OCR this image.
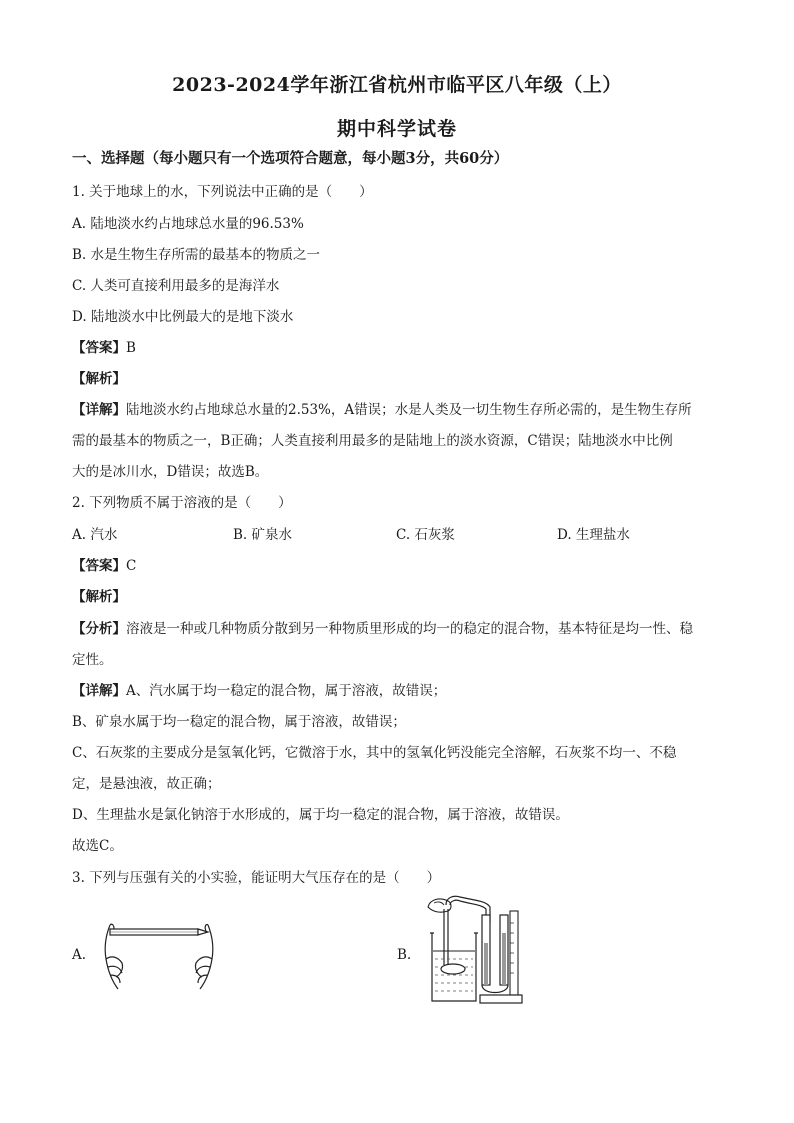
2023-2024学年浙江省杭州市临平区八年级（上）
期中科学试卷
一、选择题（每小题只有一个选项符合题意，每小题3分，共60分）
1. 关于地球上的水，下列说法中正确的是（　　）
A. 陆地淡水约占地球总水量的96.53%
B. 水是生物生存所需的最基本的物质之一
C. 人类可直接利用最多的是海洋水
D. 陆地淡水中比例最大的是地下淡水
【答案】B
【解析】
【详解】陆地淡水约占地球总水量的2.53%，A错误；水是人类及一切生物生存所必需的，是生物生存所
需的最基本的物质之一，B正确；人类直接利用最多的是陆地上的淡水资源，C错误；陆地淡水中比例
大的是冰川水，D错误；故选B。
2. 下列物质不属于溶液的是（　　）
A. 汽水	B. 矿泉水	C. 石灰浆	D. 生理盐水
【答案】C
【解析】
【分析】溶液是一种或几种物质分散到另一种物质里形成的均一的稳定的混合物，基本特征是均一性、稳
定性。
【详解】A、汽水属于均一稳定的混合物，属于溶液，故错误；
B、矿泉水属于均一稳定的混合物，属于溶液，故错误；
C、石灰浆的主要成分是氢氧化钙，它微溶于水，其中的氢氧化钙没能完全溶解，石灰浆不均一、不稳
定，是悬浊液，故正确；
D、生理盐水是氯化钠溶于水形成的，属于均一稳定的混合物，属于溶液，故错误。
故选C。
3. 下列与压强有关的小实验，能证明大气压存在的是（　　）
A.	B.
